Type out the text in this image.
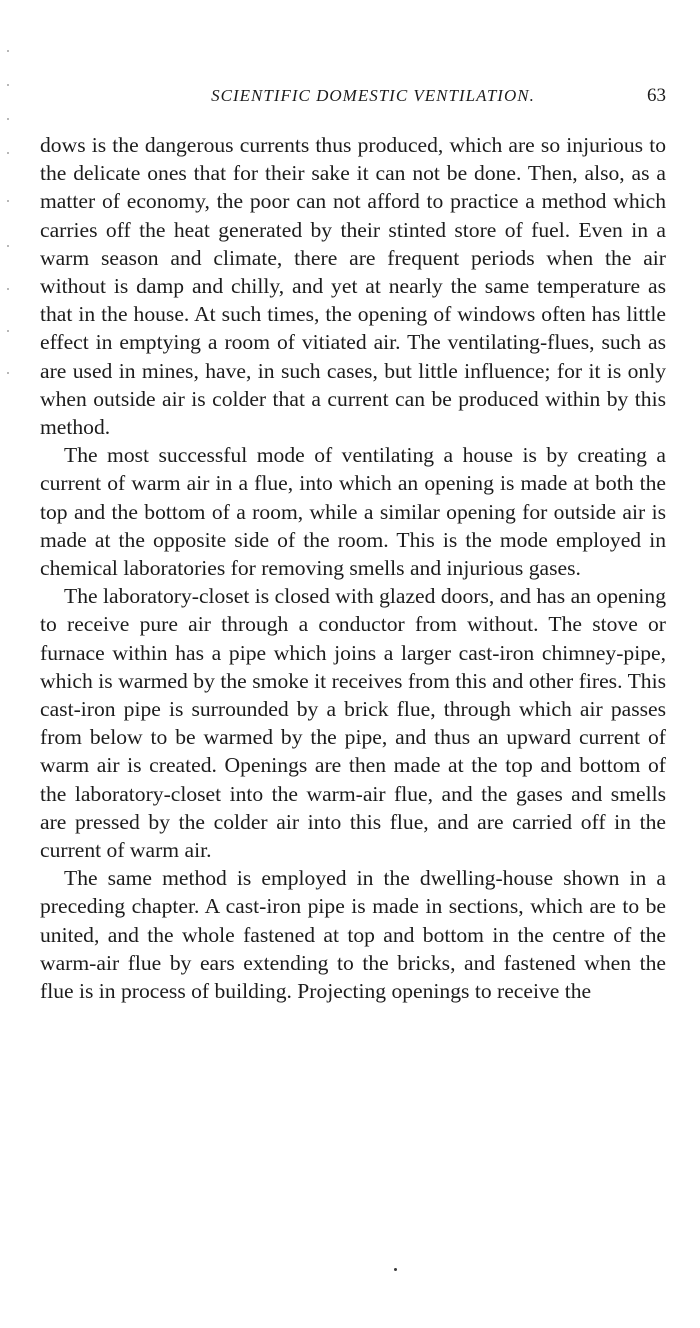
SCIENTIFIC DOMESTIC VENTILATION.	63

dows is the dangerous currents thus produced, which are so injurious to the delicate ones that for their sake it can not be done. Then, also, as a matter of economy, the poor can not afford to practice a method which carries off the heat generated by their stinted store of fuel. Even in a warm season and climate, there are frequent periods when the air without is damp and chilly, and yet at nearly the same temperature as that in the house. At such times, the opening of windows often has little effect in emptying a room of vitiated air. The ventilating-flues, such as are used in mines, have, in such cases, but little influence; for it is only when outside air is colder that a current can be produced within by this method.

The most successful mode of ventilating a house is by creating a current of warm air in a flue, into which an opening is made at both the top and the bottom of a room, while a similar opening for outside air is made at the opposite side of the room. This is the mode employed in chemical laboratories for removing smells and injurious gases.

The laboratory-closet is closed with glazed doors, and has an opening to receive pure air through a conductor from without. The stove or furnace within has a pipe which joins a larger cast-iron chimney-pipe, which is warmed by the smoke it receives from this and other fires. This cast-iron pipe is surrounded by a brick flue, through which air passes from below to be warmed by the pipe, and thus an upward current of warm air is created. Openings are then made at the top and bottom of the laboratory-closet into the warm-air flue, and the gases and smells are pressed by the colder air into this flue, and are carried off in the current of warm air.

The same method is employed in the dwelling-house shown in a preceding chapter. A cast-iron pipe is made in sections, which are to be united, and the whole fastened at top and bottom in the centre of the warm-air flue by ears extending to the bricks, and fastened when the flue is in process of building. Projecting openings to receive the
